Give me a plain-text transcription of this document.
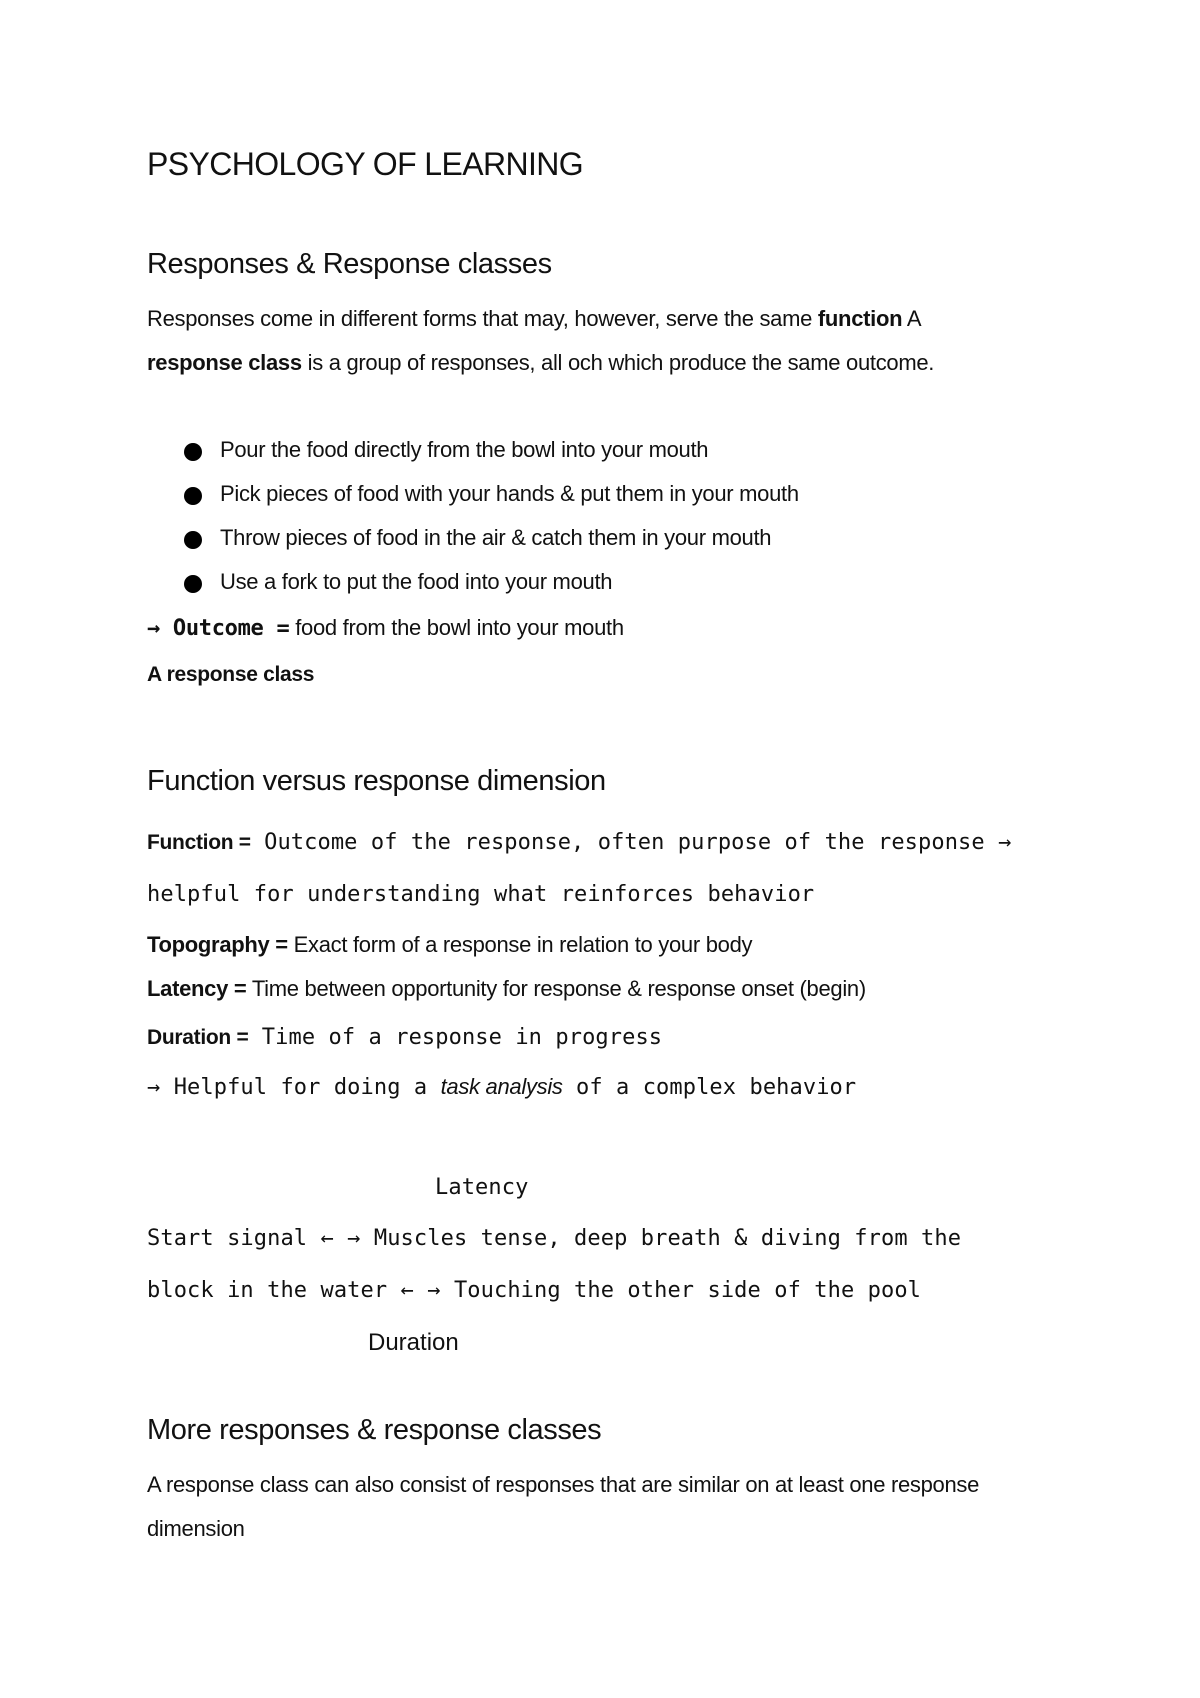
PSYCHOLOGY OF LEARNING
Responses & Response classes
Responses come in different forms that may, however, serve the same function A
response class is a group of responses, all och which produce the same outcome.
Pour the food directly from the bowl into your mouth
Pick pieces of food with your hands & put them in your mouth
Throw pieces of food in the air & catch them in your mouth
Use a fork to put the food into your mouth
→ Outcome = food from the bowl into your mouth
A response class
Function versus response dimension
Function = Outcome of the response, often purpose of the response →
helpful for understanding what reinforces behavior
Topography = Exact form of a response in relation to your body
Latency = Time between opportunity for response & response onset (begin)
Duration = Time of a response in progress
→ Helpful for doing a task analysis of a complex behavior
Latency
Start signal ← → Muscles tense, deep breath & diving from the
block in the water ← → Touching the other side of the pool
Duration
More responses & response classes
A response class can also consist of responses that are similar on at least one response
dimension
